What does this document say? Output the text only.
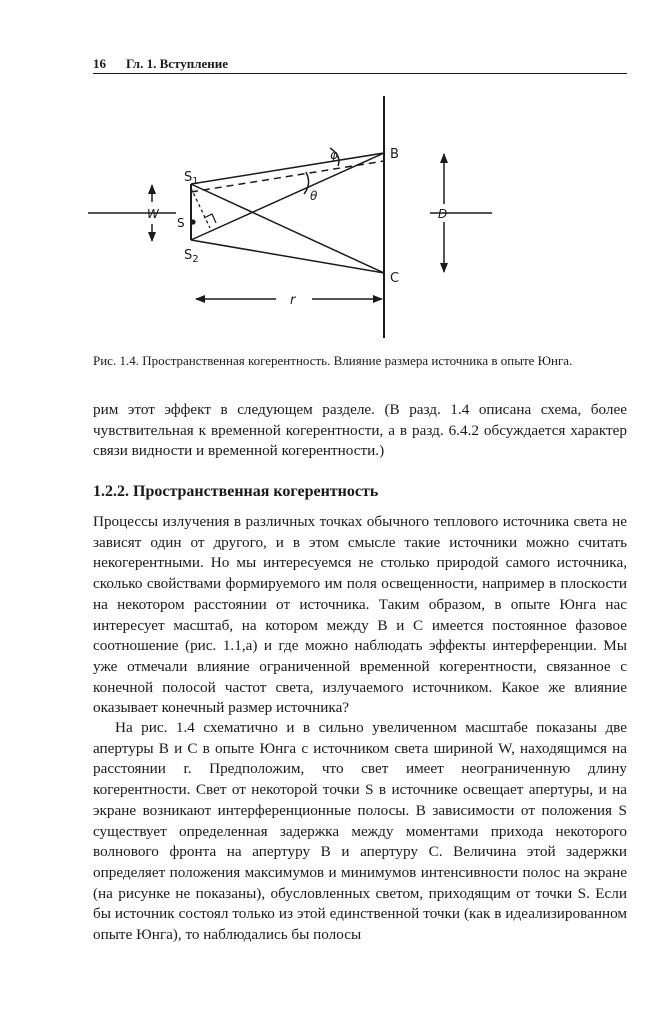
16 Гл. 1. Вступление
$S_1$
$S_2$
S
B
C
W	D
r
φ
θ
Рис. 1.4. Пространственная когерентность. Влияние размера источника в опыте Юнга.

рим этот эффект в следующем разделе. (В разд. 1.4 описана схема, более чувствительная к временной когерентности, а в разд. 6.4.2 обсуждается характер связи видности и временной когерентности.)

1.2.2. Пространственная когерентность

Процессы излучения в различных точках обычного теплового источника света не зависят один от другого, и в этом смысле такие источники можно считать некогерентными. Но мы интересуемся не столько природой самого источника, сколько свойствами формируемого им поля освещенности, например в плоскости на некотором расстоянии от источника. Таким образом, в опыте Юнга нас интересует масштаб, на котором между B и C имеется постоянное фазовое соотношение (рис. 1.1,a) и где можно наблюдать эффекты интерференции. Мы уже отмечали влияние ограниченной временной когерентности, связанное с конечной полосой частот света, излучаемого источником. Какое же влияние оказывает конечный размер источника?

На рис. 1.4 схематично и в сильно увеличенном масштабе показаны две апертуры B и C в опыте Юнга с источником света шириной W, находящимся на расстоянии r. Предположим, что свет имеет неограниченную длину когерентности. Свет от некоторой точки S в источнике освещает апертуры, и на экране возникают интерференционные полосы. В зависимости от положения S существует определенная задержка между моментами прихода некоторого волнового фронта на апертуру B и апертуру C. Величина этой задержки определяет положения максимумов и минимумов интенсивности полос на экране (на рисунке не показаны), обусловленных светом, приходящим от точки S. Если бы источник состоял только из этой единственной точки (как в идеализированном опыте Юнга), то наблюдались бы полосы
